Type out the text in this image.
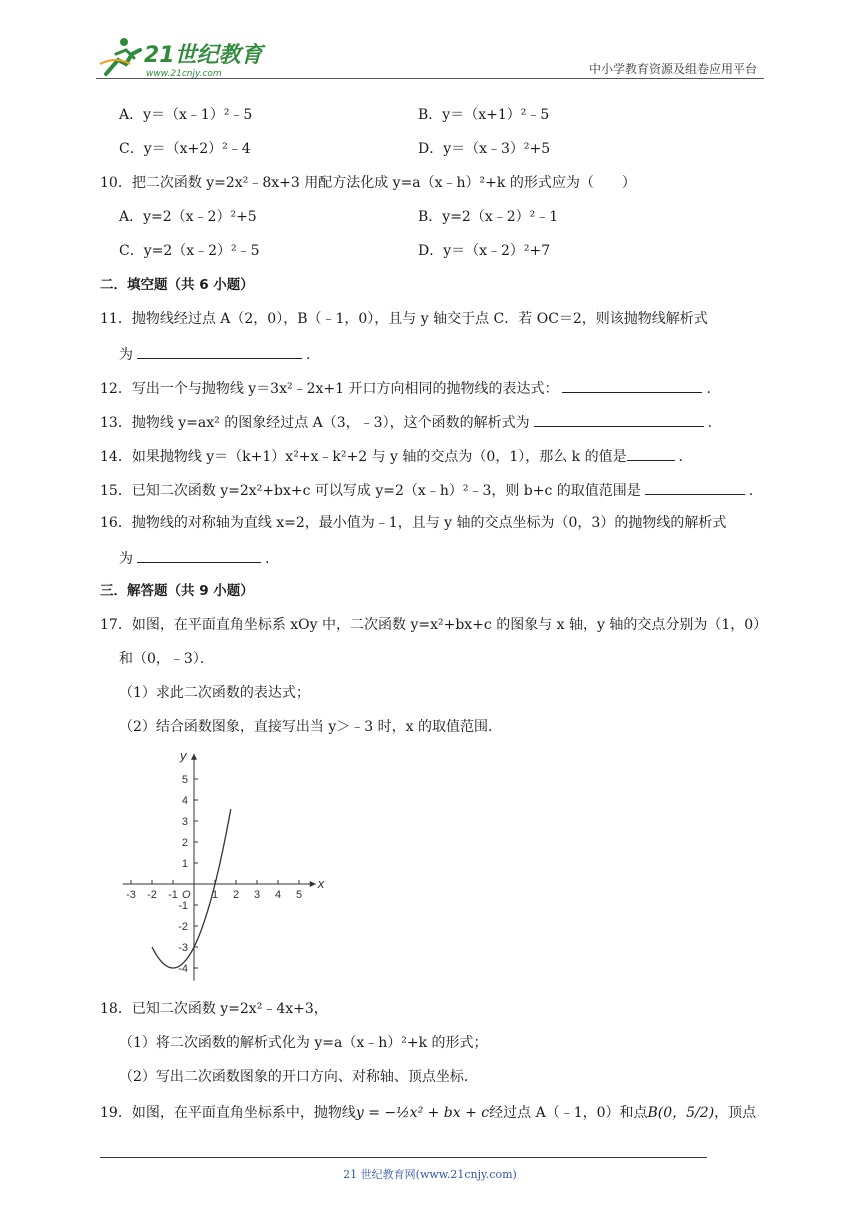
21世纪教育
www.21cnjy.com	中小学教育资源及组卷应用平台
A．y＝（x﹣1）²﹣5	B．y＝（x+1）²﹣5
C．y＝（x+2）²﹣4	D．y＝（x﹣3）²+5
10．把二次函数 y=2x²﹣8x+3 用配方法化成 y=a（x﹣h）²+k 的形式应为（　　）
A．y=2（x﹣2）²+5	B．y=2（x﹣2）²﹣1
C．y=2（x﹣2）²﹣5	D．y＝（x﹣2）²+7
二．填空题（共 6 小题）
11．抛物线经过点 A（2，0），B（﹣1，0），且与 y 轴交于点 C．若 OC＝2，则该抛物线解析式
为	.
12．写出一个与抛物线 y＝3x²﹣2x+1 开口方向相同的抛物线的表达式：	.
13．抛物线 y=ax² 的图象经过点 A（3，﹣3），这个函数的解析式为	.
14．如果抛物线 y＝（k+1）x²+x﹣k²+2 与 y 轴的交点为（0，1），那么 k 的值是	.
15．已知二次函数 y=2x²+bx+c 可以写成 y=2（x﹣h）²﹣3，则 b+c 的取值范围是	.
16．抛物线的对称轴为直线 x=2，最小值为﹣1，且与 y 轴的交点坐标为（0，3）的抛物线的解析式
为	.
三．解答题（共 9 小题）
17．如图，在平面直角坐标系 xOy 中，二次函数 y=x²+bx+c 的图象与 x 轴，y 轴的交点分别为（1，0）
和（0，﹣3）．
（1）求此二次函数的表达式；
（2）结合函数图象，直接写出当 y＞﹣3 时，x 的取值范围．
-3 -2 -1	1 2 3 4 5
5
4
3
2
1
-1
-2
-3
-4
x
y
O
18．已知二次函数 y=2x²﹣4x+3，
（1）将二次函数的解析式化为 y=a（x﹣h）²+k 的形式；
（2）写出二次函数图象的开口方向、对称轴、顶点坐标．
19．如图，在平面直角坐标系中，抛物线y = −½x² + bx + c经过点 A（﹣1，0）和点B(0，5/2)，顶点
21 世纪教育网(www.21cnjy.com)
